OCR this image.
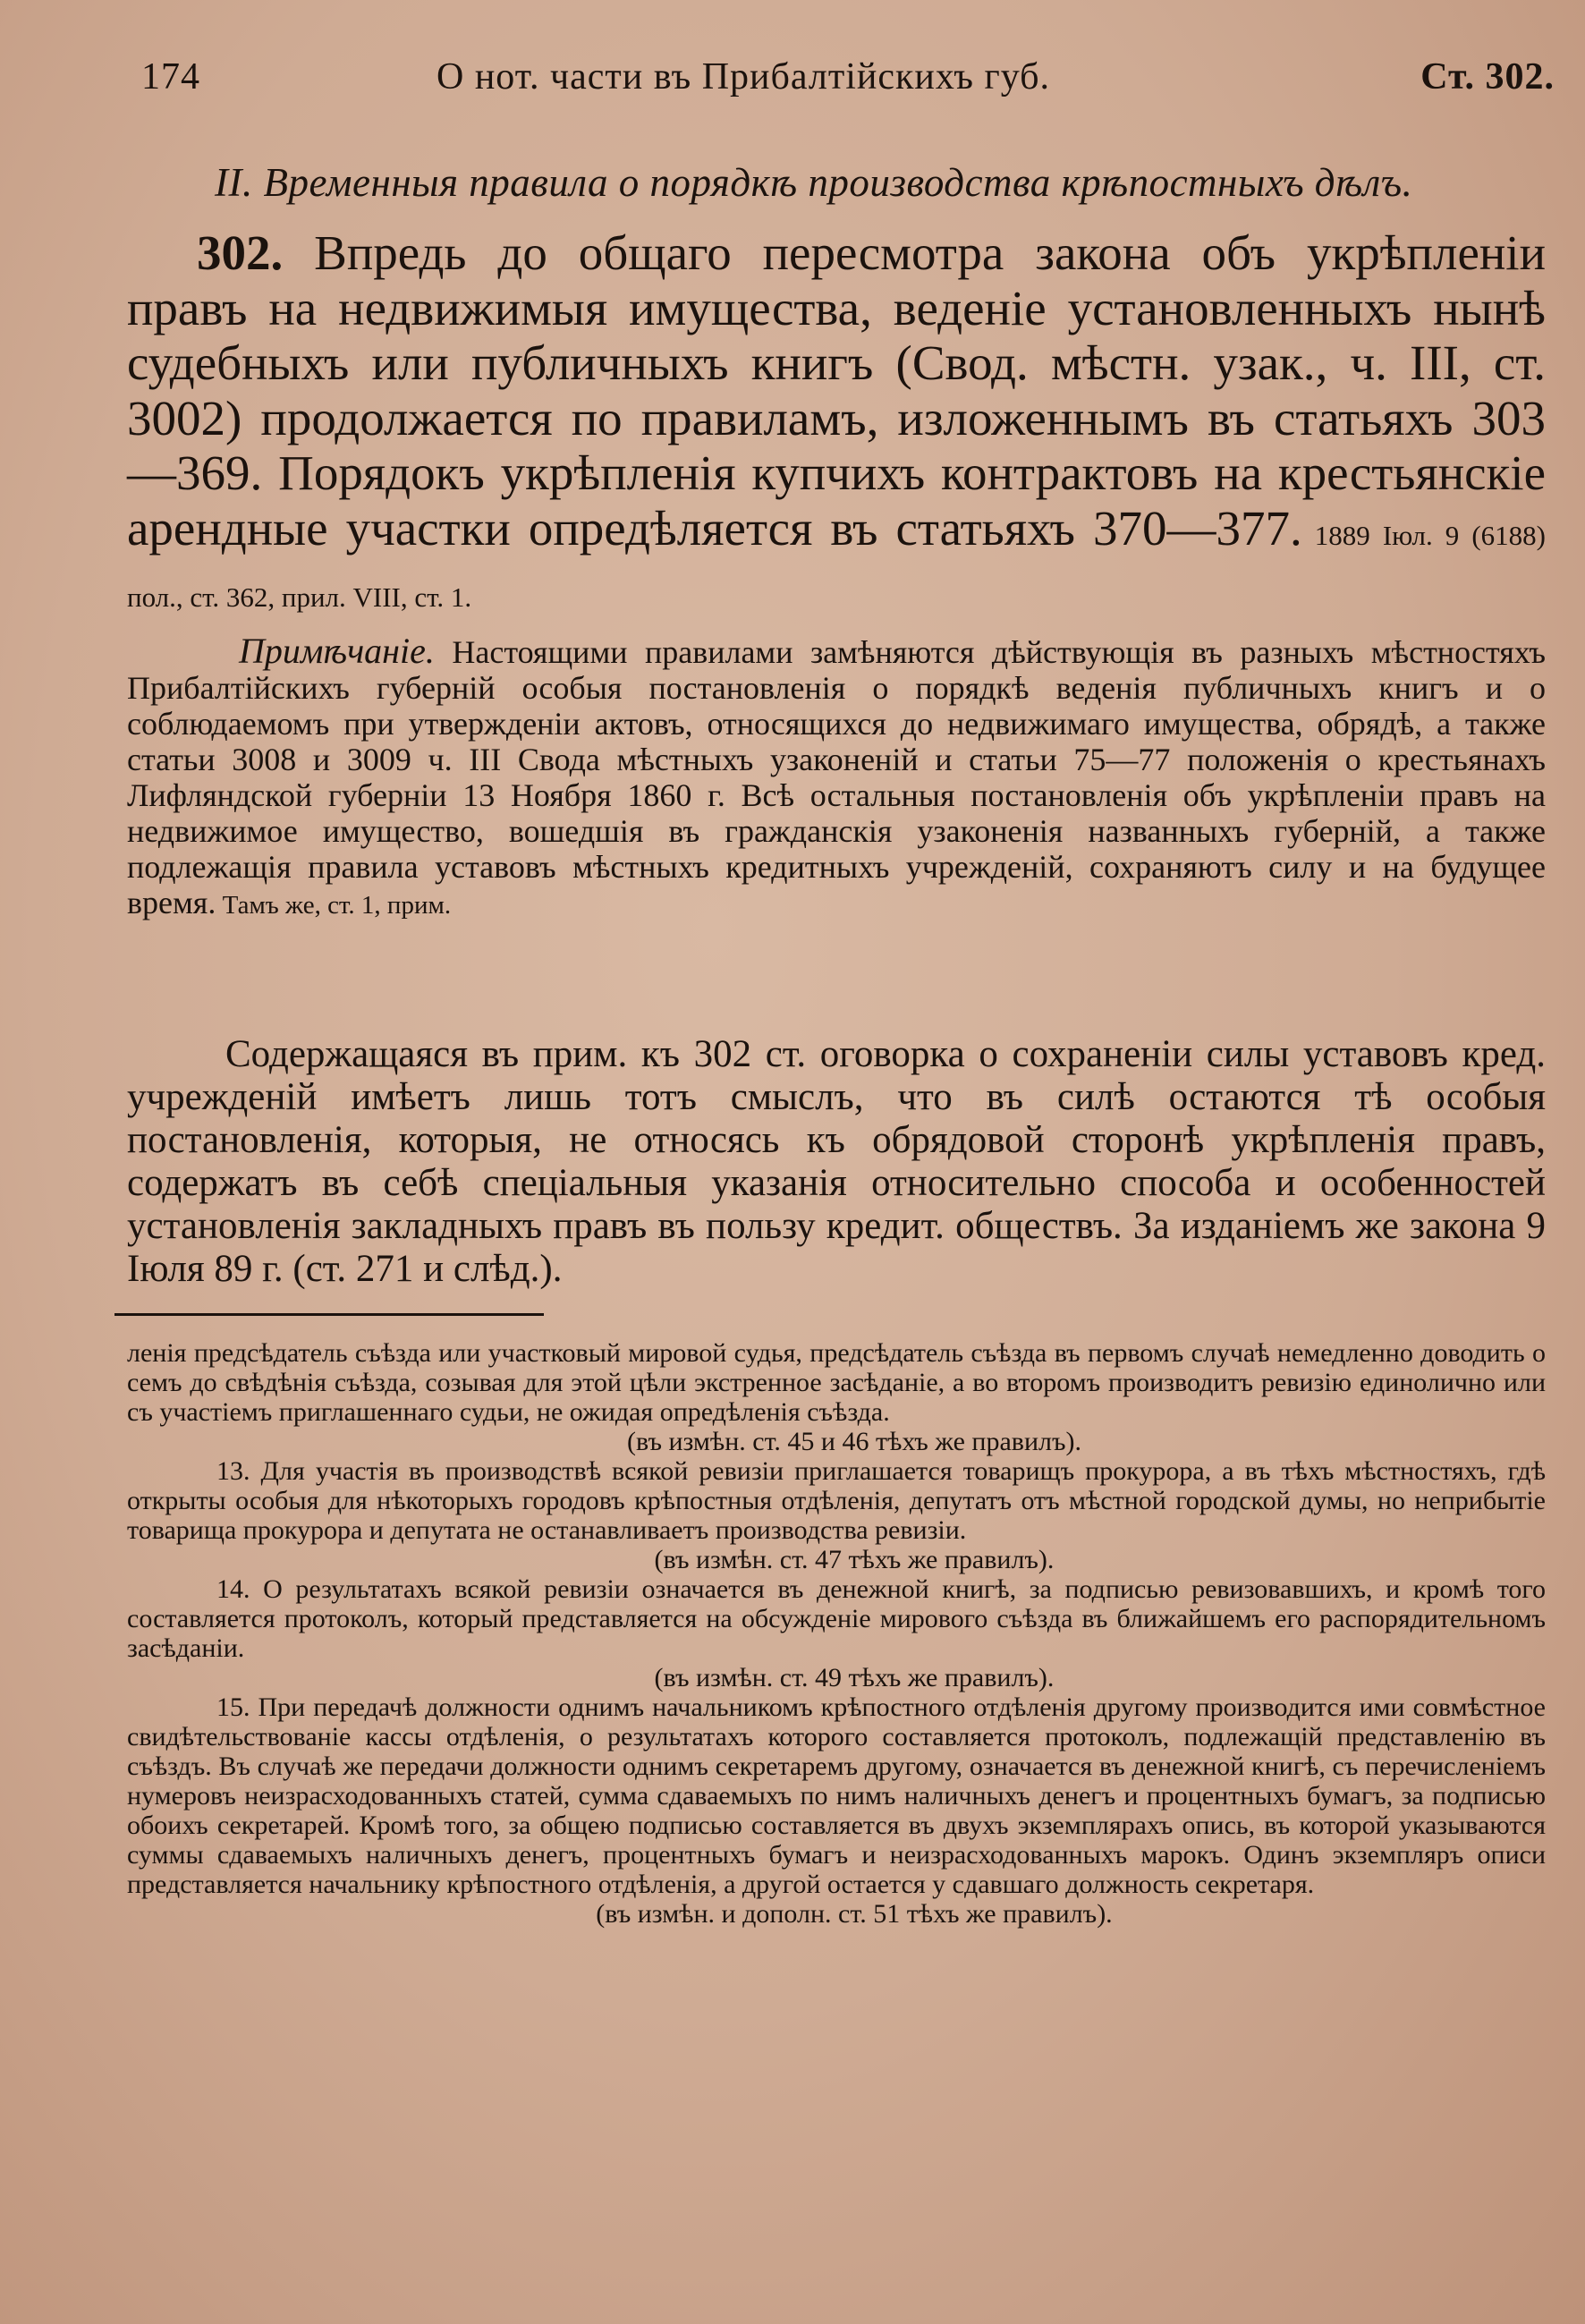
174	О нот. части въ Прибалтійскихъ губ.	Ст. 302.
II. Временныя правила о порядкѣ производства крѣпостныхъ дѣлъ.

302. Впредь до общаго пересмотра закона объ укрѣпленіи правъ на недвижимыя имущества, веденіе установленныхъ нынѣ судебныхъ или публичныхъ книгъ (Свод. мѣстн. узак., ч. III, ст. 3002) продолжается по правиламъ, изложеннымъ въ статьяхъ 303—369. Порядокъ укрѣпленія купчихъ контрактовъ на крестьянскіе арендные участки опредѣляется въ статьяхъ 370—377. 1889 Іюл. 9 (6188) пол., ст. 362, прил. VIII, ст. 1.

Примѣчаніе. Настоящими правилами замѣняются дѣйствующія въ разныхъ мѣстностяхъ Прибалтійскихъ губерній особыя постановленія о порядкѣ веденія публичныхъ книгъ и о соблюдаемомъ при утвержденіи актовъ, относящихся до недвижимаго имущества, обрядѣ, а также статьи 3008 и 3009 ч. III Свода мѣстныхъ узаконеній и статьи 75—77 положенія о крестьянахъ Лифляндской губерніи 13 Ноября 1860 г. Всѣ остальныя постановленія объ укрѣпленіи правъ на недвижимое имущество, вошедшія въ гражданскія узаконенія названныхъ губерній, а также подлежащія правила уставовъ мѣстныхъ кредитныхъ учрежденій, сохраняютъ силу и на будущее время. Тамъ же, ст. 1, прим.

Содержащаяся въ прим. къ 302 ст. оговорка о сохраненіи силы уставовъ кред. учрежденій имѣетъ лишь тотъ смыслъ, что въ силѣ остаются тѣ особыя постановленія, которыя, не относясь къ обрядовой сторонѣ укрѣпленія правъ, содержатъ въ себѣ спеціальныя указанія относительно способа и особенностей установленія закладныхъ правъ въ пользу кредит. обществъ. За изданіемъ же закона 9 Іюля 89 г. (ст. 271 и слѣд.).

ленія предсѣдатель съѣзда или участковый мировой судья, предсѣдатель съѣзда въ первомъ случаѣ немедленно доводить о семъ до свѣдѣнія съѣзда, созывая для этой цѣли экстренное засѣданіе, а во второмъ производитъ ревизію единолично или съ участіемъ приглашеннаго судьи, не ожидая опредѣленія съѣзда.

(въ измѣн. ст. 45 и 46 тѣхъ же правилъ).

13. Для участія въ производствѣ всякой ревизіи приглашается товарищъ прокурора, а въ тѣхъ мѣстностяхъ, гдѣ открыты особыя для нѣкоторыхъ городовъ крѣпостныя отдѣленія, депутатъ отъ мѣстной городской думы, но неприбытіе товарища прокурора и депутата не останавливаетъ производства ревизіи.

(въ измѣн. ст. 47 тѣхъ же правилъ).

14. О результатахъ всякой ревизіи означается въ денежной книгѣ, за подписью ревизовавшихъ, и кромѣ того составляется протоколъ, который представляется на обсужденіе мирового съѣзда въ ближайшемъ его распорядительномъ засѣданіи.

(въ измѣн. ст. 49 тѣхъ же правилъ).

15. При передачѣ должности однимъ начальникомъ крѣпостного отдѣленія другому производится ими совмѣстное свидѣтельствованіе кассы отдѣленія, о результатахъ которого составляется протоколъ, подлежащій представленію въ съѣздъ. Въ случаѣ же передачи должности однимъ секретаремъ другому, означается въ денежной книгѣ, съ перечисленіемъ нумеровъ неизрасходованныхъ статей, сумма сдаваемыхъ по нимъ наличныхъ денегъ и процентныхъ бумагъ, за подписью обоихъ секретарей. Кромѣ того, за общею подписью составляется въ двухъ экземплярахъ опись, въ которой указываются суммы сдаваемыхъ наличныхъ денегъ, процентныхъ бумагъ и неизрасходованныхъ марокъ. Одинъ экземпляръ описи представляется начальнику крѣпостного отдѣленія, а другой остается у сдавшаго должность секретаря.

(въ измѣн. и дополн. ст. 51 тѣхъ же правилъ).
